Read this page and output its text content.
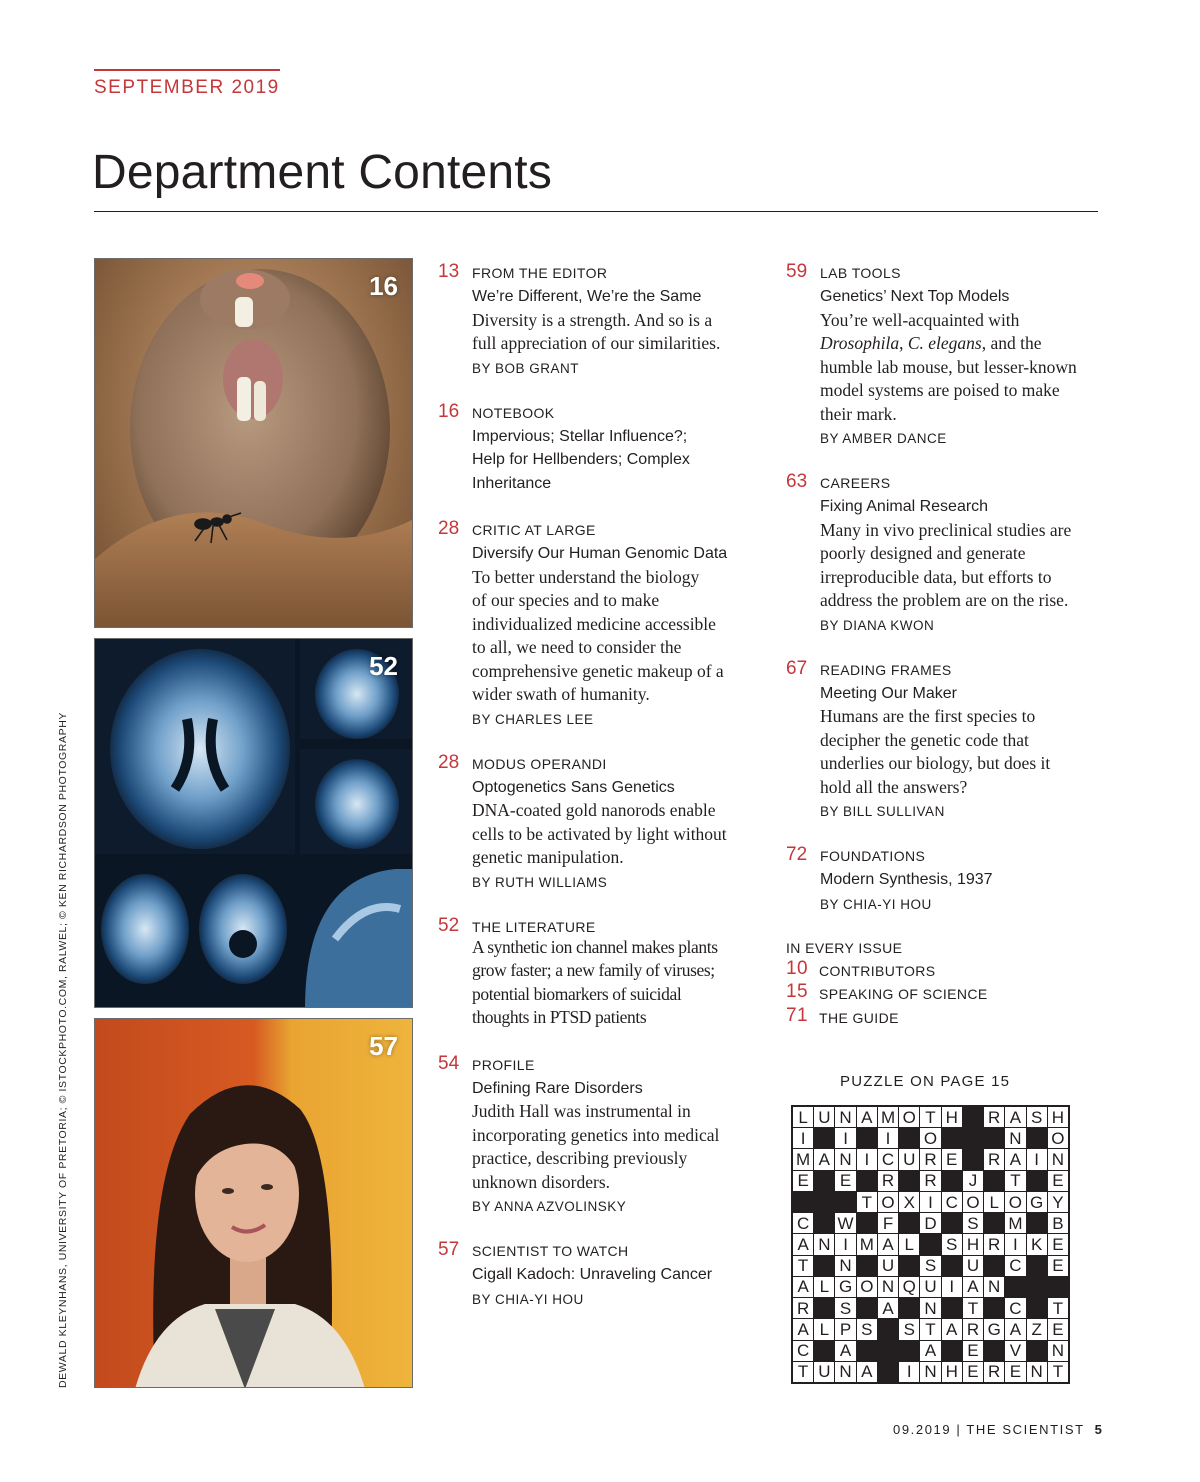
SEPTEMBER 2019
Department Contents
DEWALD KLEYNHANS, UNIVERSITY OF PRETORIA; © ISTOCKPHOTO.COM, RALWEL; © KEN RICHARDSON PHOTOGRAPHY
16
52
57
13 FROM THE EDITOR
We’re Different, We’re the Same
Diversity is a strength. And so is a
full appreciation of our similarities.
BY BOB GRANT
16 NOTEBOOK
Impervious; Stellar Influence?;
Help for Hellbenders; Complex
Inheritance
28 CRITIC AT LARGE
Diversify Our Human Genomic Data
To better understand the biology
of our species and to make
individualized medicine accessible
to all, we need to consider the
comprehensive genetic makeup of a
wider swath of humanity.
BY CHARLES LEE
28 MODUS OPERANDI
Optogenetics Sans Genetics
DNA-coated gold nanorods enable
cells to be activated by light without
genetic manipulation.
BY RUTH WILLIAMS
52 THE LITERATURE
A synthetic ion channel makes plants
grow faster; a new family of viruses;
potential biomarkers of suicidal
thoughts in PTSD patients
54 PROFILE
Defining Rare Disorders
Judith Hall was instrumental in
incorporating genetics into medical
practice, describing previously
unknown disorders.
BY ANNA AZVOLINSKY
57 SCIENTIST TO WATCH
Cigall Kadoch: Unraveling Cancer
BY CHIA-YI HOU
59 LAB TOOLS
Genetics’ Next Top Models
You’re well-acquainted with
Drosophila, C. elegans, and the
humble lab mouse, but lesser-known
model systems are poised to make
their mark.
BY AMBER DANCE
63 CAREERS
Fixing Animal Research
Many in vivo preclinical studies are
poorly designed and generate
irreproducible data, but efforts to
address the problem are on the rise.
BY DIANA KWON
67 READING FRAMES
Meeting Our Maker
Humans are the first species to
decipher the genetic code that
underlies our biology, but does it
hold all the answers?
BY BILL SULLIVAN
72 FOUNDATIONS
Modern Synthesis, 1937
BY CHIA-YI HOU
IN EVERY ISSUE
10 CONTRIBUTORS
15 SPEAKING OF SCIENCE
71 THE GUIDE
PUZZLE ON PAGE 15
L U N A M O T H R A S H
I	I	I	O	N O
M A N I C U R E R A I N
E E R R	J	T E
T O X I C O L O G Y
C W F D S M B
A N I M A L	S H R I K E
T N U S U C E
A L G O N Q U I A N
R S A N T C T
A L P S S T A R G A Z E
C A	A E V N
T U N A	I N H E R E N T
09.2019 | THE SCIENTIST 5
